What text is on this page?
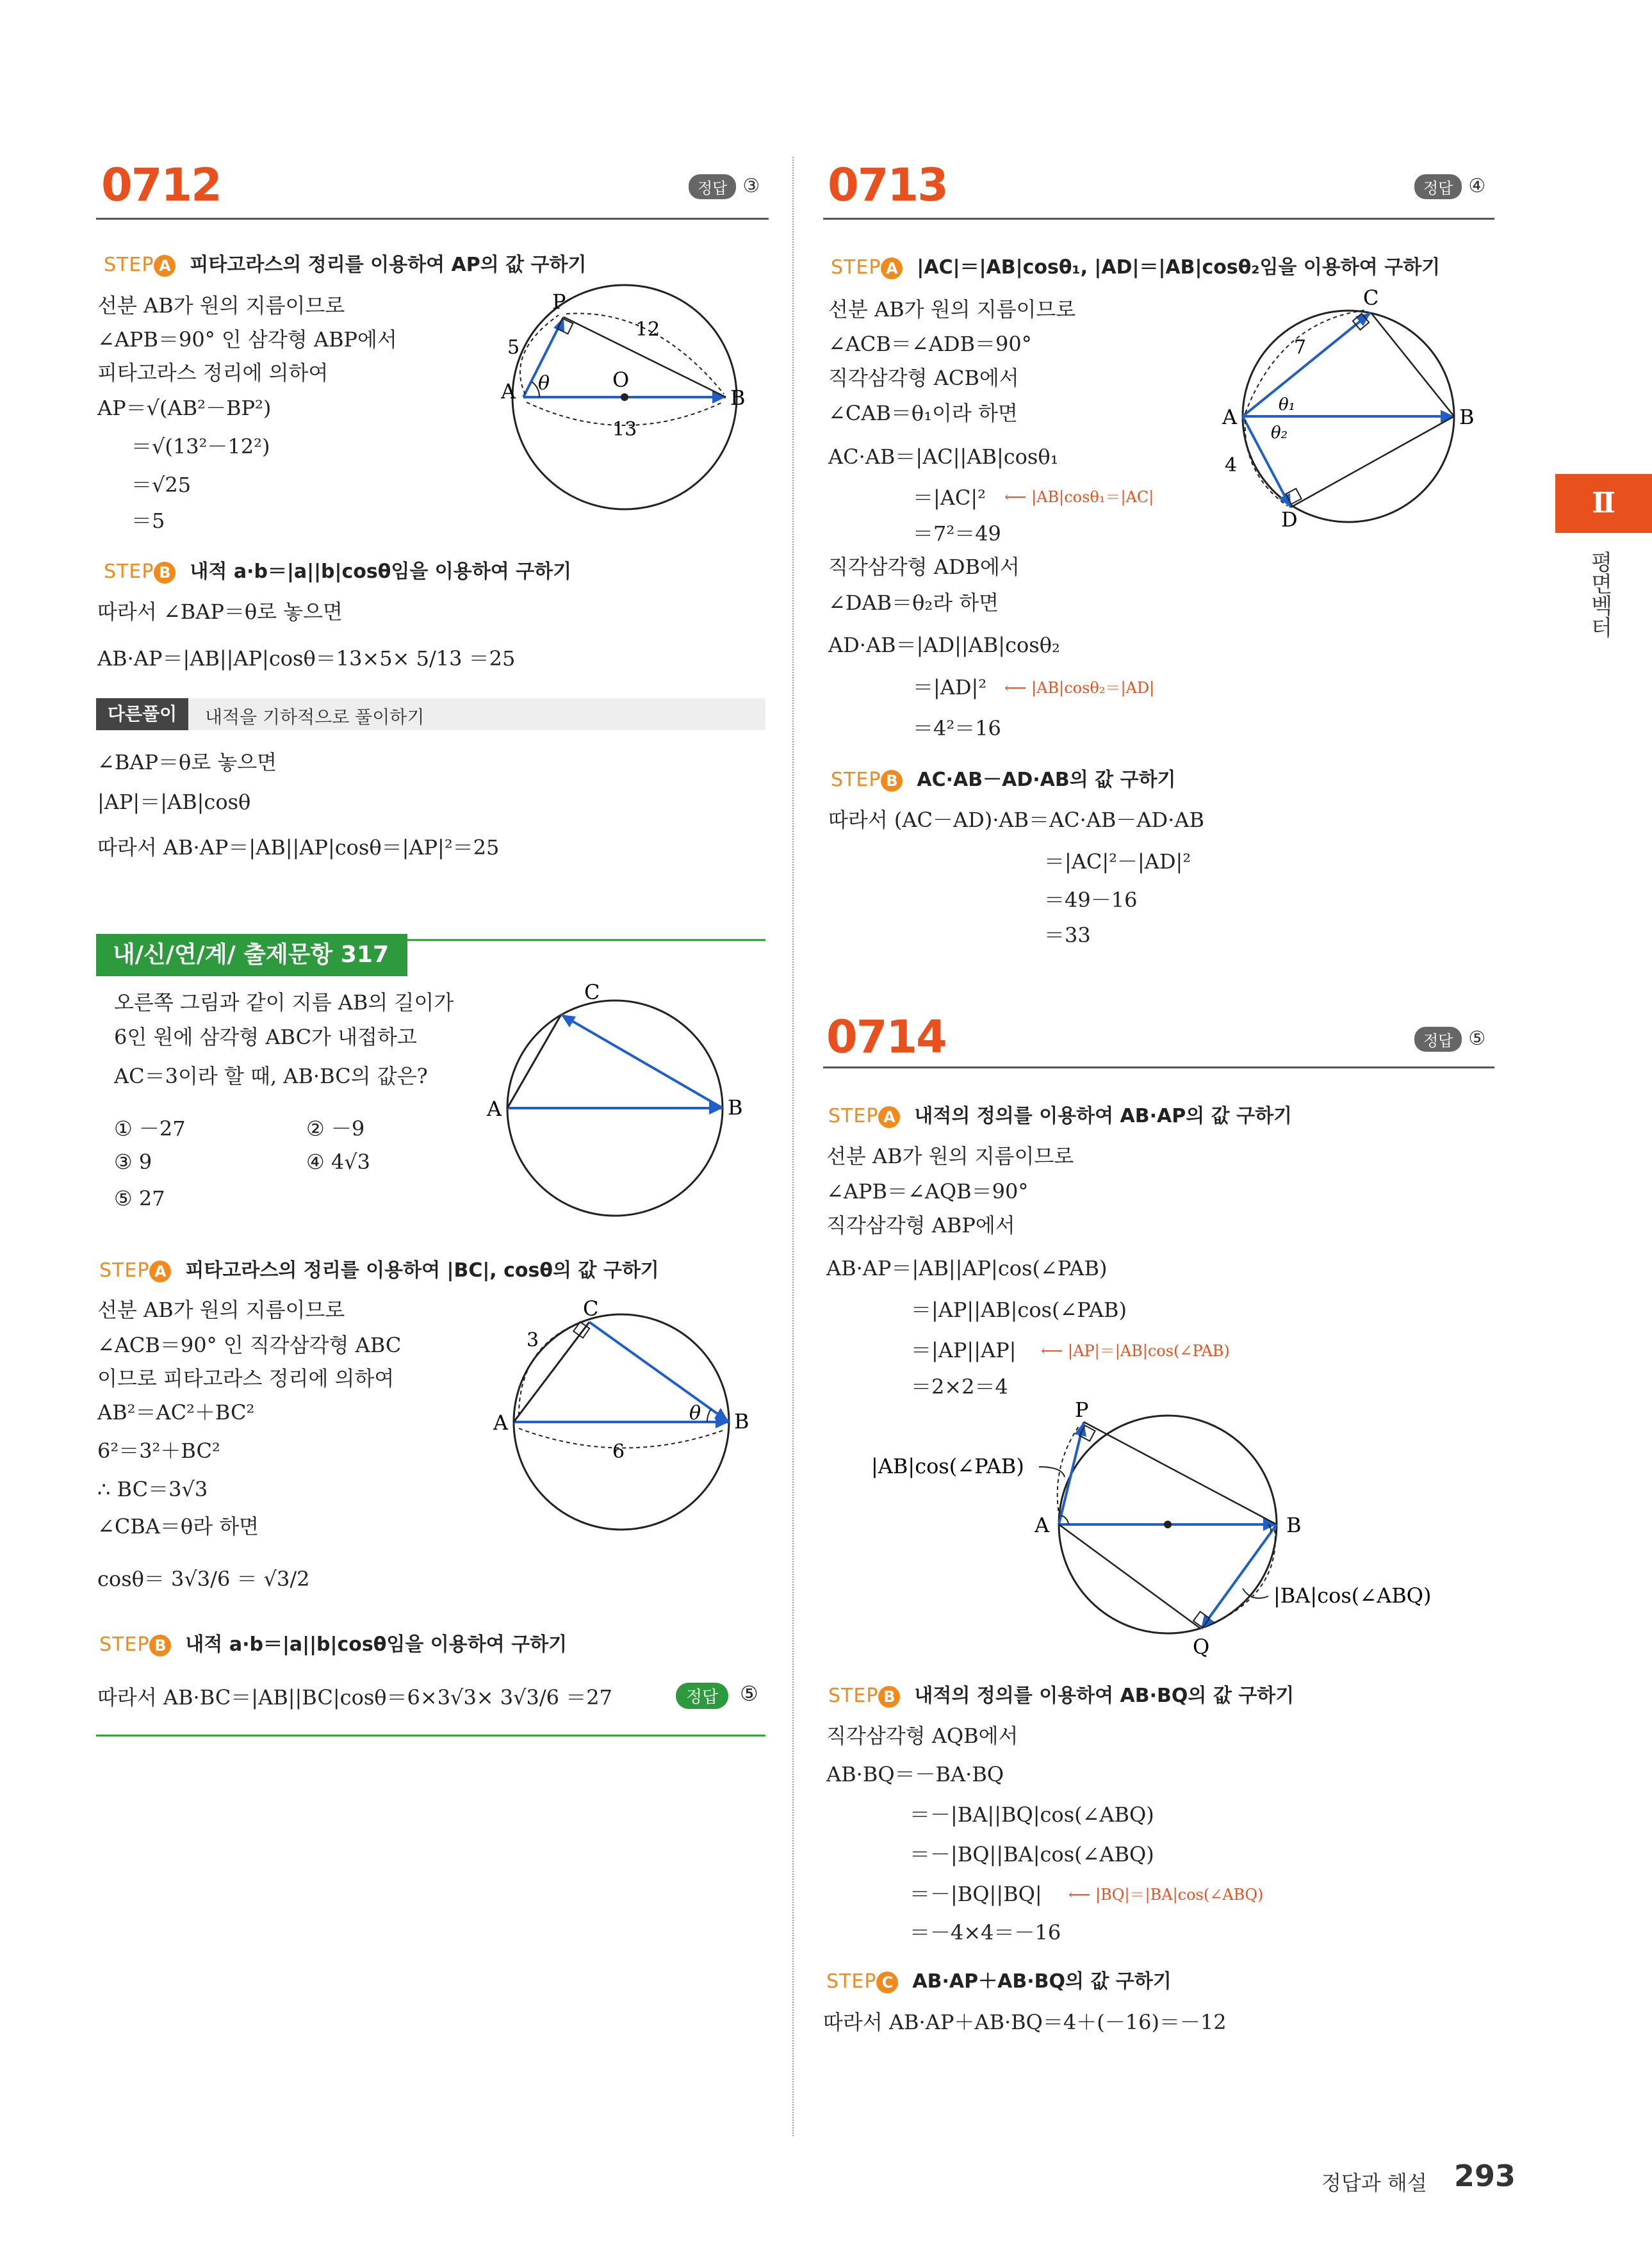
Ⅱ
평면벡터
0712	정답 ③
STEP A 피타고라스의 정리를 이용하여 AP의 값 구하기
선분 AB가 원의 지름이므로
∠APB＝90° 인 삼각형 ABP에서
피타고라스 정리에 의하여
AP＝√(AB²－BP²)
＝√(13²－12²)
＝√25
＝5
P
A	B
O
θ
5
12
13
STEP B 내적 a·b＝|a||b|cosθ임을 이용하여 구하기
따라서 ∠BAP＝θ로 놓으면
AB·AP＝|AB||AP|cosθ＝13×5× 5/13 ＝25
다른풀이	내적을 기하적으로 풀이하기
∠BAP＝θ로 놓으면
|AP|＝|AB|cosθ
따라서 AB·AP＝|AB||AP|cosθ＝|AP|²＝25
내/신/연/계/ 출제문항 317
오른쪽 그림과 같이 지름 AB의 길이가
6인 원에 삼각형 ABC가 내접하고
AC＝3이라 할 때, AB·BC의 값은?
① －27	② －9
③ 9	④ 4√3
⑤ 27
A	B
C
STEP A 피타고라스의 정리를 이용하여 |BC|, cosθ의 값 구하기
선분 AB가 원의 지름이므로
∠ACB＝90° 인 직각삼각형 ABC
이므로 피타고라스 정리에 의하여
AB²＝AC²＋BC²
6²＝3²＋BC²
∴ BC＝3√3
∠CBA＝θ라 하면
cosθ＝ 3√3/6 ＝ √3/2
A	B
C
3
6
θ
STEP B 내적 a·b＝|a||b|cosθ임을 이용하여 구하기
따라서 AB·BC＝|AB||BC|cosθ＝6×3√3× 3√3/6 ＝27	정답	⑤
0713	정답 ④
STEP A |AC|＝|AB|cosθ₁, |AD|＝|AB|cosθ₂임을 이용하여 구하기
선분 AB가 원의 지름이므로
∠ACB＝∠ADB＝90°
직각삼각형 ACB에서
∠CAB＝θ₁이라 하면
AC·AB＝|AC||AB|cosθ₁
＝|AC|² ⟵ |AB|cosθ₁＝|AC|
＝7²＝49
직각삼각형 ADB에서
∠DAB＝θ₂라 하면
AD·AB＝|AD||AB|cosθ₂
＝|AD|² ⟵ |AB|cosθ₂＝|AD|
＝4²＝16
A	B
C
D
7
4
θ₁
θ₂
STEP B AC·AB－AD·AB의 값 구하기
따라서 (AC－AD)·AB＝AC·AB－AD·AB
＝|AC|²－|AD|²
＝49－16
＝33
0714	정답 ⑤
STEP A 내적의 정의를 이용하여 AB·AP의 값 구하기
선분 AB가 원의 지름이므로
∠APB＝∠AQB＝90°
직각삼각형 ABP에서
AB·AP＝|AB||AP|cos(∠PAB)
＝|AP||AB|cos(∠PAB)
＝|AP||AP| ⟵ |AP|＝|AB|cos(∠PAB)
＝2×2＝4
P
A	B
Q
|AB|cos(∠PAB)
|BA|cos(∠ABQ)
STEP B 내적의 정의를 이용하여 AB·BQ의 값 구하기
직각삼각형 AQB에서
AB·BQ＝－BA·BQ
＝－|BA||BQ|cos(∠ABQ)
＝－|BQ||BA|cos(∠ABQ)
＝－|BQ||BQ| ⟵ |BQ|＝|BA|cos(∠ABQ)
＝－4×4＝－16
STEP C AB·AP＋AB·BQ의 값 구하기
따라서 AB·AP＋AB·BQ＝4＋(－16)＝－12
정답과 해설 293
